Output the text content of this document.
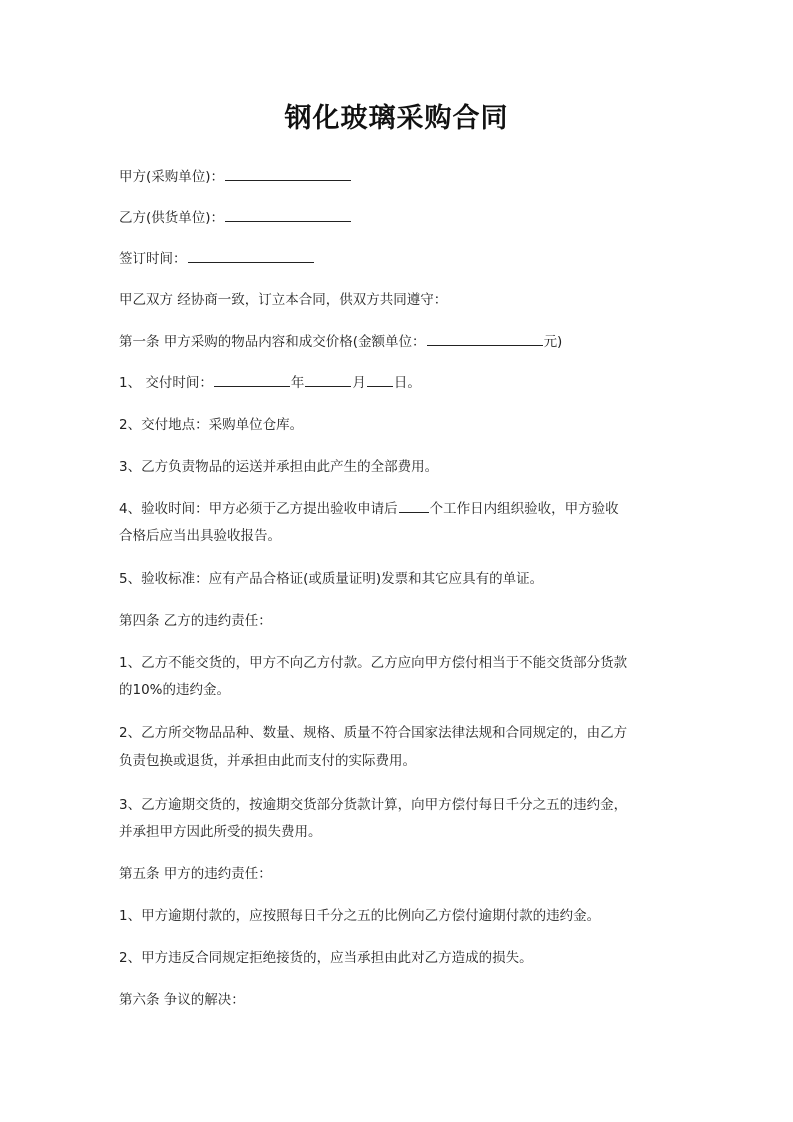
钢化玻璃采购合同
甲方(采购单位)：
乙方(供货单位)：
签订时间：
甲乙双方 经协商一致，订立本合同，供双方共同遵守：
第一条 甲方采购的物品内容和成交价格(金额单位：	元)
1、 交付时间：	年	月 日。
2、交付地点：采购单位仓库。
3、乙方负责物品的运送并承担由此产生的全部费用。
4、验收时间：甲方必须于乙方提出验收申请后 个工作日内组织验收，甲方验收
合格后应当出具验收报告。
5、验收标准：应有产品合格证(或质量证明)发票和其它应具有的单证。
第四条 乙方的违约责任：
1、乙方不能交货的，甲方不向乙方付款。乙方应向甲方偿付相当于不能交货部分货款
的10%的违约金。
2、乙方所交物品品种、数量、规格、质量不符合国家法律法规和合同规定的，由乙方
负责包换或退货，并承担由此而支付的实际费用。
3、乙方逾期交货的，按逾期交货部分货款计算，向甲方偿付每日千分之五的违约金，
并承担甲方因此所受的损失费用。
第五条 甲方的违约责任：
1、甲方逾期付款的，应按照每日千分之五的比例向乙方偿付逾期付款的违约金。
2、甲方违反合同规定拒绝接货的，应当承担由此对乙方造成的损失。
第六条 争议的解决：
